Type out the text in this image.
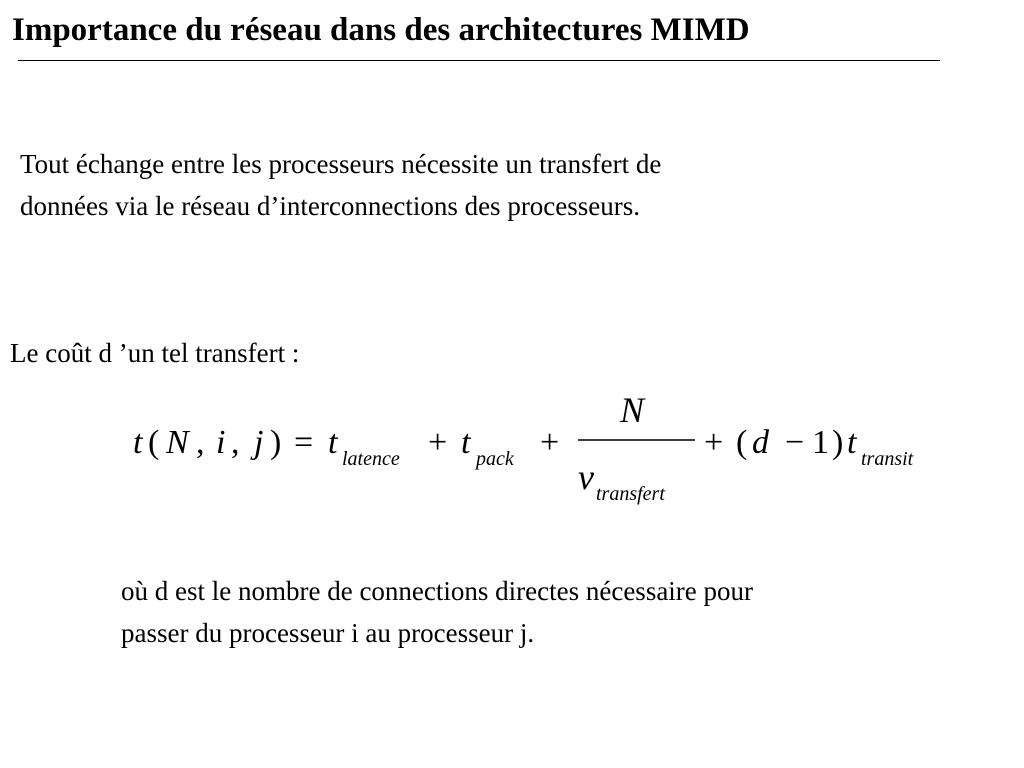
Importance du réseau dans des architectures MIMD
Tout échange entre les processeurs nécessite un transfert de
données via le réseau d’interconnections des processeurs.
Le coût d ’un tel transfert :
t ( N , i , j ) = t latence + t pack +
N
v transfert
+ ( d − 1 ) t transit
où d est le nombre de connections directes nécessaire pour
passer du processeur i au processeur j.
